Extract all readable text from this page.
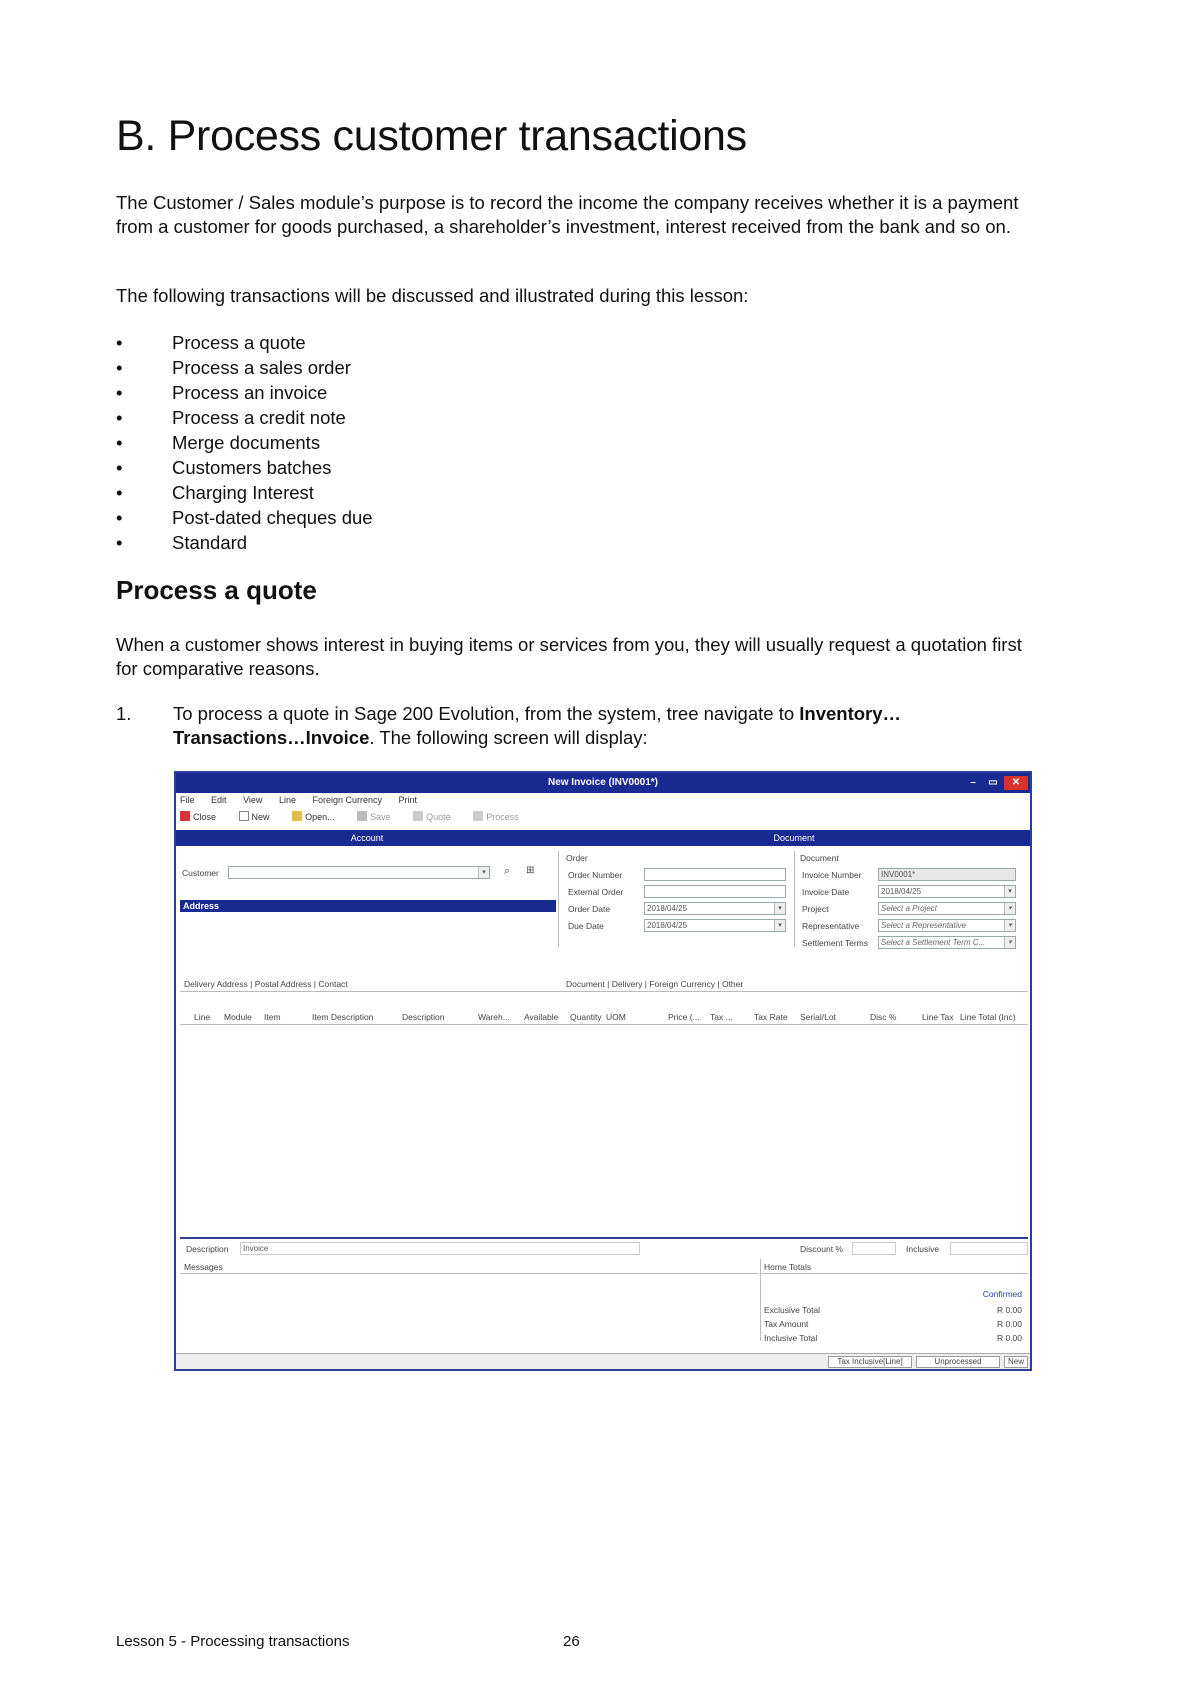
B. Process customer transactions

The Customer / Sales module’s purpose is to record the income the company receives whether it is a payment from a customer for goods purchased, a shareholder’s investment, interest received from the bank and so on.

The following transactions will be discussed and illustrated during this lesson:

•	Process a quote
•	Process a sales order
•	Process an invoice
•	Process a credit note
•	Merge documents
•	Customers batches
•	Charging Interest
•	Post-dated cheques due
•	Standard
Process a quote

When a customer shows interest in buying items or services from you, they will usually request a quotation first for comparative reasons.

1. To process a quote in Sage 200 Evolution, from the system, tree navigate to Inventory… Transactions…Invoice. The following screen will display:
New Invoice (INV0001*)	–	▭	✕
File Edit View Line Foreign Currency Print
Close	New	Open...	Save	Quote	Process
Account	Document
Customer	▾ ⌕ ⊞
Address
Order
Order Number
External Order
Order Date	2018/04/25	▾
Due Date	2018/04/25	▾
Document
Invoice Number	INV0001*
Invoice Date	2018/04/25	▾
Project	Select a Project	▾
Representative	Select a Representative	▾
Settlement Terms	Select a Settlement Term C...	▾
Delivery Address | Postal Address | Contact	Document | Delivery | Foreign Currency | Other
Line Module Item	Item Description	Description	Wareh... Available Quantity UOM	Price (... Tax ...	Tax Rate Serial/Lot	Disc %	Line Tax Line Total (Inc)
Description	Invoice	Discount %	Inclusive
Messages	Home Totals
Confirmed
Exclusive Total	R 0.00
Tax Amount	R 0.00
Inclusive Total	R 0.00
Tax Inclusive[Line]	Unprocessed	New
Lesson 5 - Processing transactions	26
